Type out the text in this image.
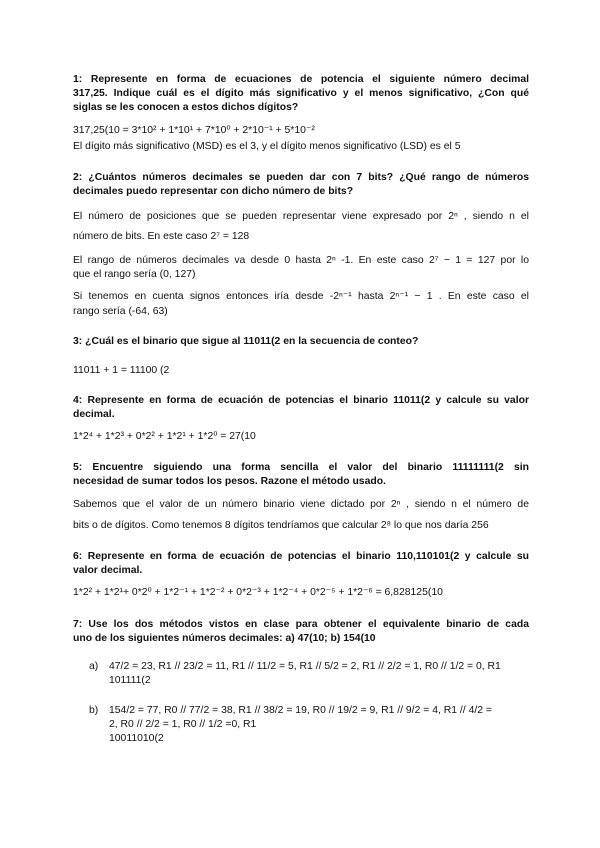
1: Represente en forma de ecuaciones de potencia el siguiente número decimal
317,25. Indique cuál es el dígito más significativo y el menos significativo, ¿Con qué
siglas se les conocen a estos dichos dígitos?
317,25(10 = 3*10² + 1*10¹ + 7*10⁰ + 2*10⁻¹ + 5*10⁻²
El dígito más significativo (MSD) es el 3, y el dígito menos significativo (LSD) es el 5
2: ¿Cuántos números decimales se pueden dar con 7 bits? ¿Qué rango de números
decimales puedo representar con dicho número de bits?
El número de posiciones que se pueden representar viene expresado por 2ⁿ , siendo n el
número de bits. En este caso 2⁷ = 128
El rango de números decimales va desde 0 hasta 2ⁿ -1. En este caso 2⁷ − 1 = 127 por lo
que el rango sería (0, 127)
Si tenemos en cuenta signos entonces iría desde -2ⁿ⁻¹ hasta 2ⁿ⁻¹ − 1 . En este caso el
rango sería (-64, 63)
3: ¿Cuál es el binario que sigue al 11011(2 en la secuencia de conteo?
11011 + 1 = 11100 (2
4: Represente en forma de ecuación de potencias el binario 11011(2 y calcule su valor
decimal.
1*2⁴ + 1*2³ + 0*2² + 1*2¹ + 1*2⁰ = 27(10
5: Encuentre siguiendo una forma sencilla el valor del binario 11111111(2 sin
necesidad de sumar todos los pesos. Razone el método usado.
Sabemos que el valor de un número binario viene dictado por 2ⁿ , siendo n el número de
bits o de dígitos. Como tenemos 8 dígitos tendríamos que calcular 2⁸ lo que nos daría 256
6: Represente en forma de ecuación de potencias el binario 110,110101(2 y calcule su
valor decimal.
1*2² + 1*2¹+ 0*2⁰ + 1*2⁻¹ + 1*2⁻² + 0*2⁻³ + 1*2⁻⁴ + 0*2⁻⁵ + 1*2⁻⁶ = 6,828125(10
7: Use los dos métodos vistos en clase para obtener el equivalente binario de cada
uno de los siguientes números decimales: a) 47(10; b) 154(10
a) 47/2 = 23, R1 // 23/2 = 11, R1 // 11/2 = 5, R1 // 5/2 = 2, R1 // 2/2 = 1, R0 // 1/2 = 0, R1
101111(2
b) 154/2 = 77, R0 // 77/2 = 38, R1 // 38/2 = 19, R0 // 19/2 = 9, R1 // 9/2 = 4, R1 // 4/2 =
2, R0 // 2/2 = 1, R0 // 1/2 =0, R1
10011010(2
